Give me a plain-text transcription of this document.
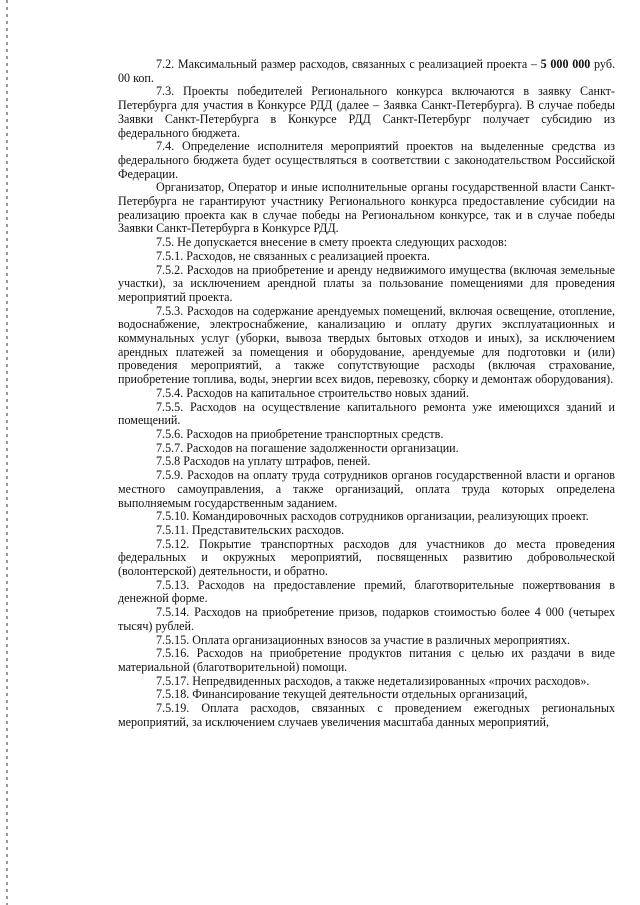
7.2. Максимальный размер расходов, связанных с реализацией проекта – 5 000 000 руб. 00 коп.

7.3. Проекты победителей Регионального конкурса включаются в заявку Санкт-Петербурга для участия в Конкурсе РДД (далее – Заявка Санкт-Петербурга). В случае победы Заявки Санкт-Петербурга в Конкурсе РДД Санкт-Петербург получает субсидию из федерального бюджета.

7.4. Определение исполнителя мероприятий проектов на выделенные средства из федерального бюджета будет осуществляться в соответствии с законодательством Российской Федерации.

Организатор, Оператор и иные исполнительные органы государственной власти Санкт-Петербурга не гарантируют участнику Регионального конкурса предоставление субсидии на реализацию проекта как в случае победы на Региональном конкурсе, так и в случае победы Заявки Санкт-Петербурга в Конкурсе РДД.

7.5. Не допускается внесение в смету проекта следующих расходов:

7.5.1. Расходов, не связанных с реализацией проекта.

7.5.2. Расходов на приобретение и аренду недвижимого имущества (включая земельные участки), за исключением арендной платы за пользование помещениями для проведения мероприятий проекта.

7.5.3. Расходов на содержание арендуемых помещений, включая освещение, отопление, водоснабжение, электроснабжение, канализацию и оплату других эксплуатационных и коммунальных услуг (уборки, вывоза твердых бытовых отходов и иных), за исключением арендных платежей за помещения и оборудование, арендуемые для подготовки и (или) проведения мероприятий, а также сопутствующие расходы (включая страхование, приобретение топлива, воды, энергии всех видов, перевозку, сборку и демонтаж оборудования).

7.5.4. Расходов на капитальное строительство новых зданий.

7.5.5. Расходов на осуществление капитального ремонта уже имеющихся зданий и помещений.

7.5.6. Расходов на приобретение транспортных средств.

7.5.7. Расходов на погашение задолженности организации.

7.5.8 Расходов на уплату штрафов, пеней.

7.5.9. Расходов на оплату труда сотрудников органов государственной власти и органов местного самоуправления, а также организаций, оплата труда которых определена выполняемым государственным заданием.

7.5.10. Командировочных расходов сотрудников организации, реализующих проект.

7.5.11. Представительских расходов.

7.5.12. Покрытие транспортных расходов для участников до места проведения федеральных и окружных мероприятий, посвященных развитию добровольческой (волонтерской) деятельности, и обратно.

7.5.13. Расходов на предоставление премий, благотворительные пожертвования в денежной форме.

7.5.14. Расходов на приобретение призов, подарков стоимостью более 4 000 (четырех тысяч) рублей.

7.5.15. Оплата организационных взносов за участие в различных мероприятиях.

7.5.16. Расходов на приобретение продуктов питания с целью их раздачи в виде материальной (благотворительной) помощи.

7.5.17. Непредвиденных расходов, а также недетализированных «прочих расходов».

7.5.18. Финансирование текущей деятельности отдельных организаций,

7.5.19. Оплата расходов, связанных с проведением ежегодных региональных мероприятий, за исключением случаев увеличения масштаба данных мероприятий,
